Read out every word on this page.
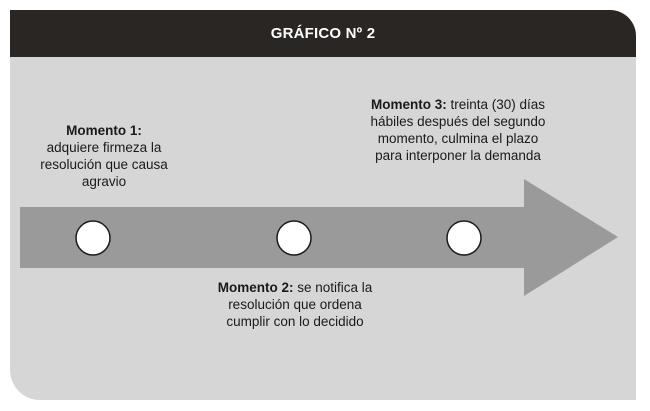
GRÁFICO Nº 2
Momento 1:
adquiere firmeza la resolución que causa agravio
Momento 2: se notifica la resolución que ordena cumplir con lo decidido
Momento 3: treinta (30) días hábiles después del segundo momento, culmina el plazo para interponer la demanda
